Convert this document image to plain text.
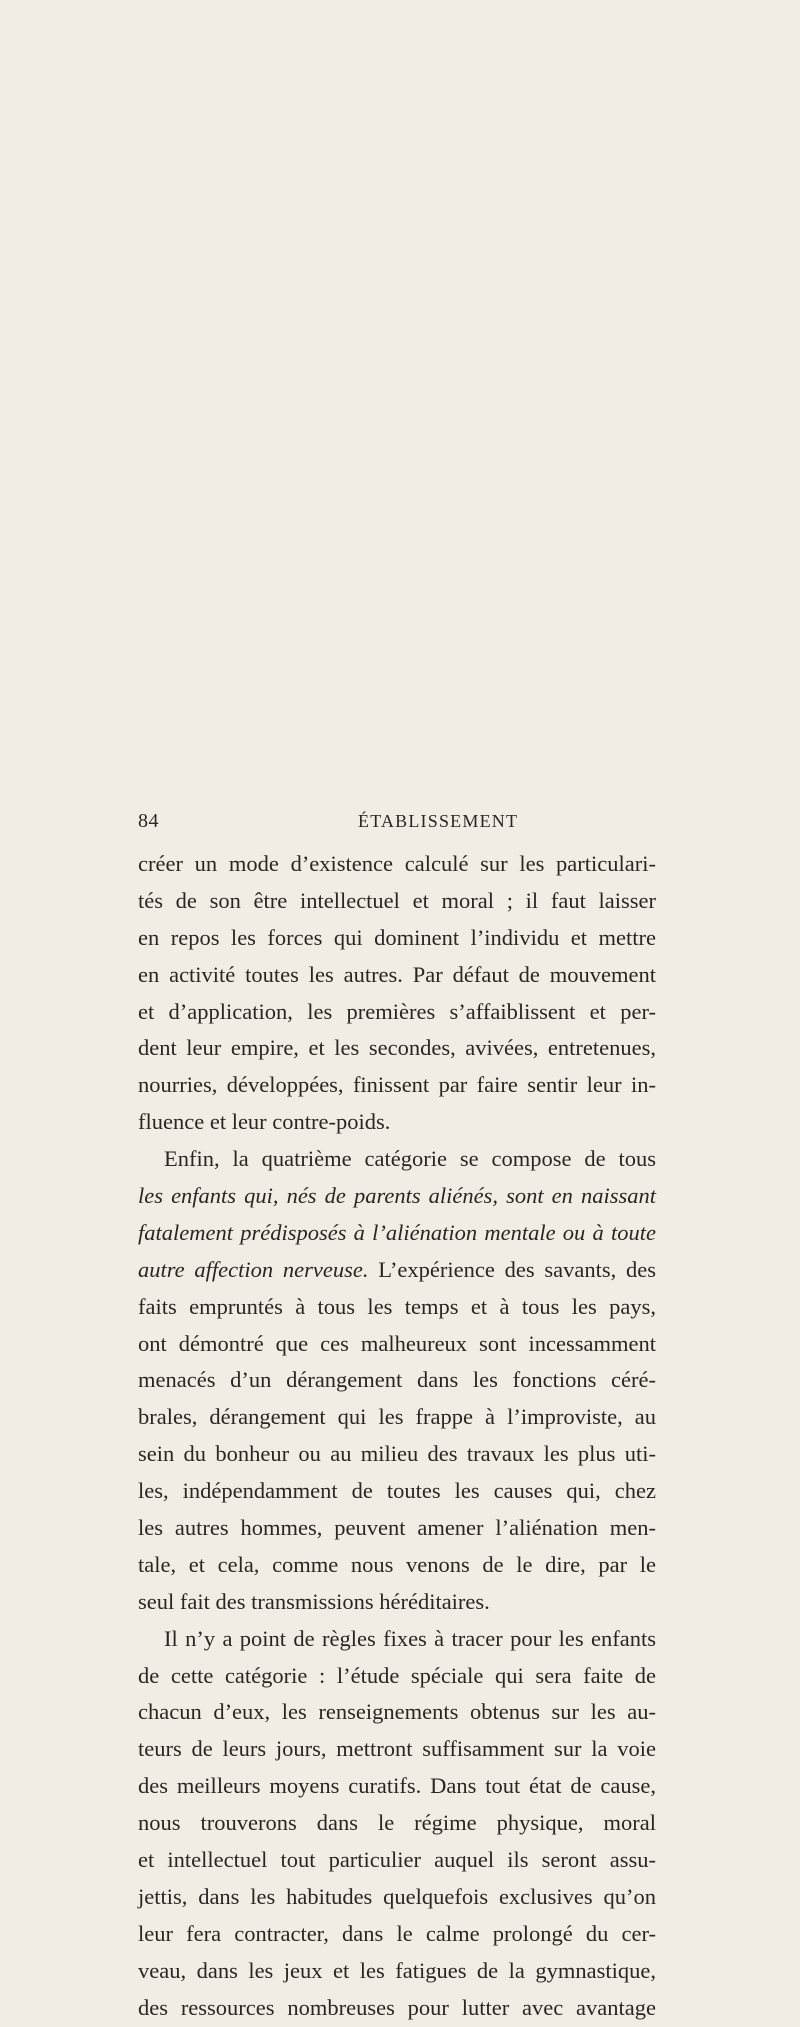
84	ÉTABLISSEMENT
créer un mode d’existence calculé sur les particulari-
tés de son être intellectuel et moral ; il faut laisser
en repos les forces qui dominent l’individu et mettre
en activité toutes les autres. Par défaut de mouvement
et d’application, les premières s’affaiblissent et per-
dent leur empire, et les secondes, avivées, entretenues,
nourries, développées, finissent par faire sentir leur in-
fluence et leur contre-poids.
Enfin, la quatrième catégorie se compose de tous
les enfants qui, nés de parents aliénés, sont en naissant
fatalement prédisposés à l’aliénation mentale ou à toute
autre affection nerveuse. L’expérience des savants, des
faits empruntés à tous les temps et à tous les pays,
ont démontré que ces malheureux sont incessamment
menacés d’un dérangement dans les fonctions céré-
brales, dérangement qui les frappe à l’improviste, au
sein du bonheur ou au milieu des travaux les plus uti-
les, indépendamment de toutes les causes qui, chez
les autres hommes, peuvent amener l’aliénation men-
tale, et cela, comme nous venons de le dire, par le
seul fait des transmissions héréditaires.
Il n’y a point de règles fixes à tracer pour les enfants
de cette catégorie : l’étude spéciale qui sera faite de
chacun d’eux, les renseignements obtenus sur les au-
teurs de leurs jours, mettront suffisamment sur la voie
des meilleurs moyens curatifs. Dans tout état de cause,
nous trouverons dans le régime physique, moral
et intellectuel tout particulier auquel ils seront assu-
jettis, dans les habitudes quelquefois exclusives qu’on
leur fera contracter, dans le calme prolongé du cer-
veau, dans les jeux et les fatigues de la gymnastique,
des ressources nombreuses pour lutter avec avantage
